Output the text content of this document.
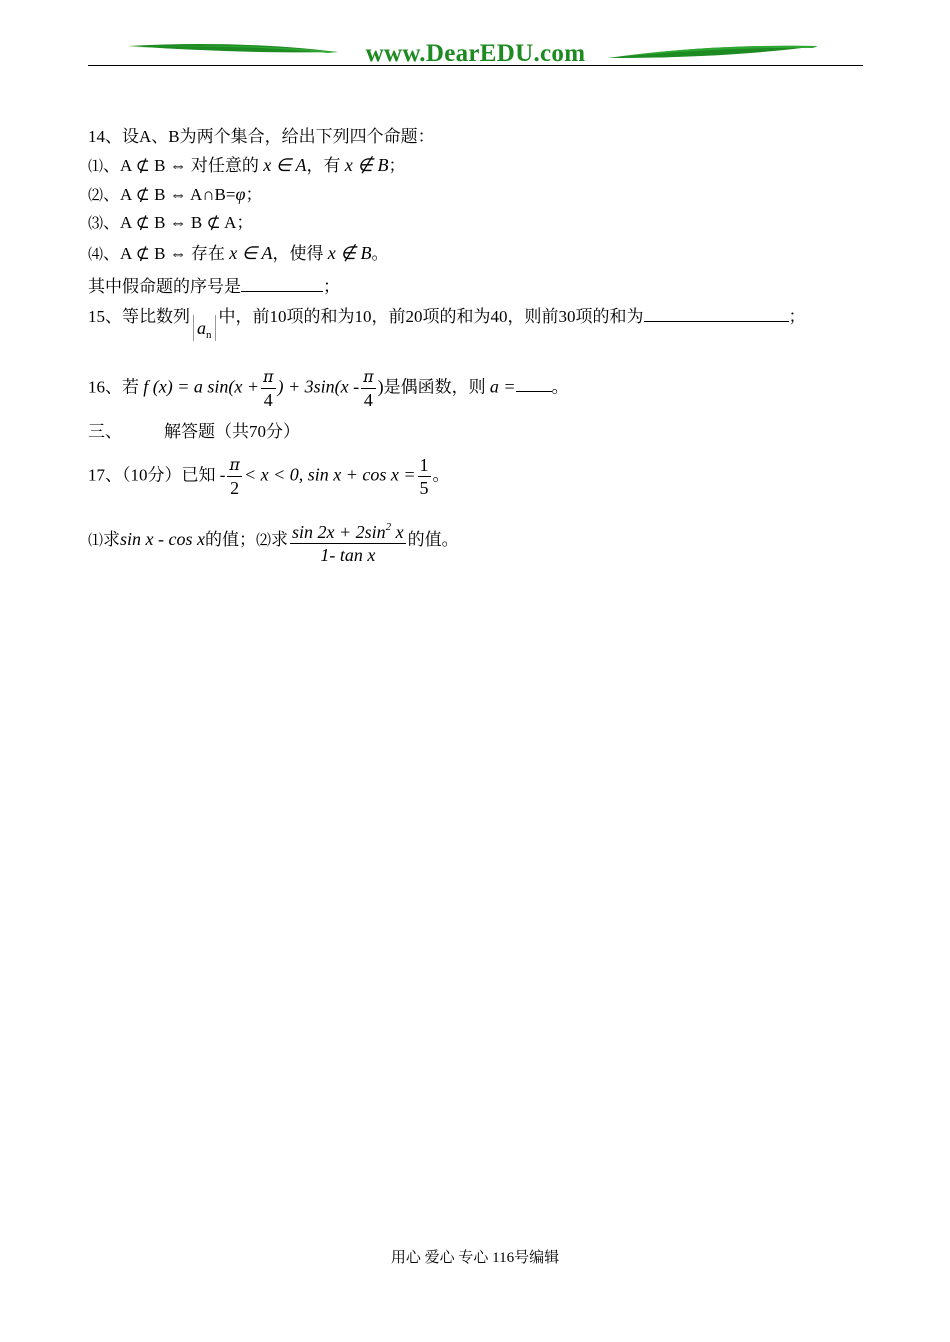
www.DearEDU.com
14、设A、B为两个集合，给出下列四个命题：
⑴、A ⊄ B ⇔ 对任意的 x ∈ A，有 x ∉ B；
⑵、A ⊄ B ⇔ A∩B=φ；
⑶、A ⊄ B ⇔ B ⊄ A；
⑷、A ⊄ B ⇔ 存在 x ∈ A，使得 x ∉ B。
其中假命题的序号是	；
15、等比数列$a_n$中，前10项的和为10，前20项的和为40，则前30项的和为	；
16、若 f (x) = a $\sin(x + \frac{\pi}{4}$ ) + $3\sin(x - \frac{\pi}{4}$ )是偶函数，则 a = 。
三、 解答题（共70分）
17、（10分）已知 - $\frac{\pi}{2} < x < 0$, $\sin x + \cos x = \frac{1}{5}$ 。
⑴求sin x - cos x的值；⑵求 $\frac{\sin 2x + 2\sin^2 x}{\text{1- tan x}}$ 的值。
用心 爱心 专心 116号编辑
